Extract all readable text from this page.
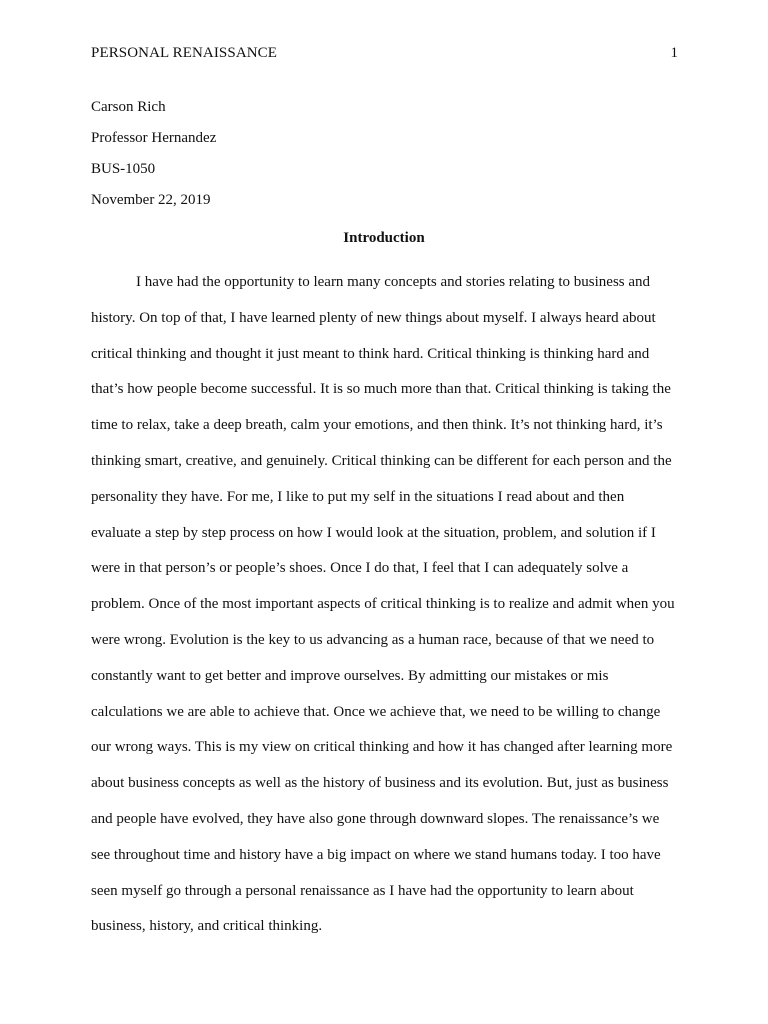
PERSONAL RENAISSANCE	1
Carson Rich
Professor Hernandez
BUS-1050
November 22, 2019
Introduction
I have had the opportunity to learn many concepts and stories relating to business and
history. On top of that, I have learned plenty of new things about myself. I always heard about
critical thinking and thought it just meant to think hard. Critical thinking is thinking hard and
that’s how people become successful. It is so much more than that. Critical thinking is taking the
time to relax, take a deep breath, calm your emotions, and then think. It’s not thinking hard, it’s
thinking smart, creative, and genuinely. Critical thinking can be different for each person and the
personality they have. For me, I like to put my self in the situations I read about and then
evaluate a step by step process on how I would look at the situation, problem, and solution if I
were in that person’s or people’s shoes. Once I do that, I feel that I can adequately solve a
problem. Once of the most important aspects of critical thinking is to realize and admit when you
were wrong. Evolution is the key to us advancing as a human race, because of that we need to
constantly want to get better and improve ourselves. By admitting our mistakes or mis
calculations we are able to achieve that. Once we achieve that, we need to be willing to change
our wrong ways. This is my view on critical thinking and how it has changed after learning more
about business concepts as well as the history of business and its evolution. But, just as business
and people have evolved, they have also gone through downward slopes. The renaissance’s we
see throughout time and history have a big impact on where we stand humans today. I too have
seen myself go through a personal renaissance as I have had the opportunity to learn about
business, history, and critical thinking.
